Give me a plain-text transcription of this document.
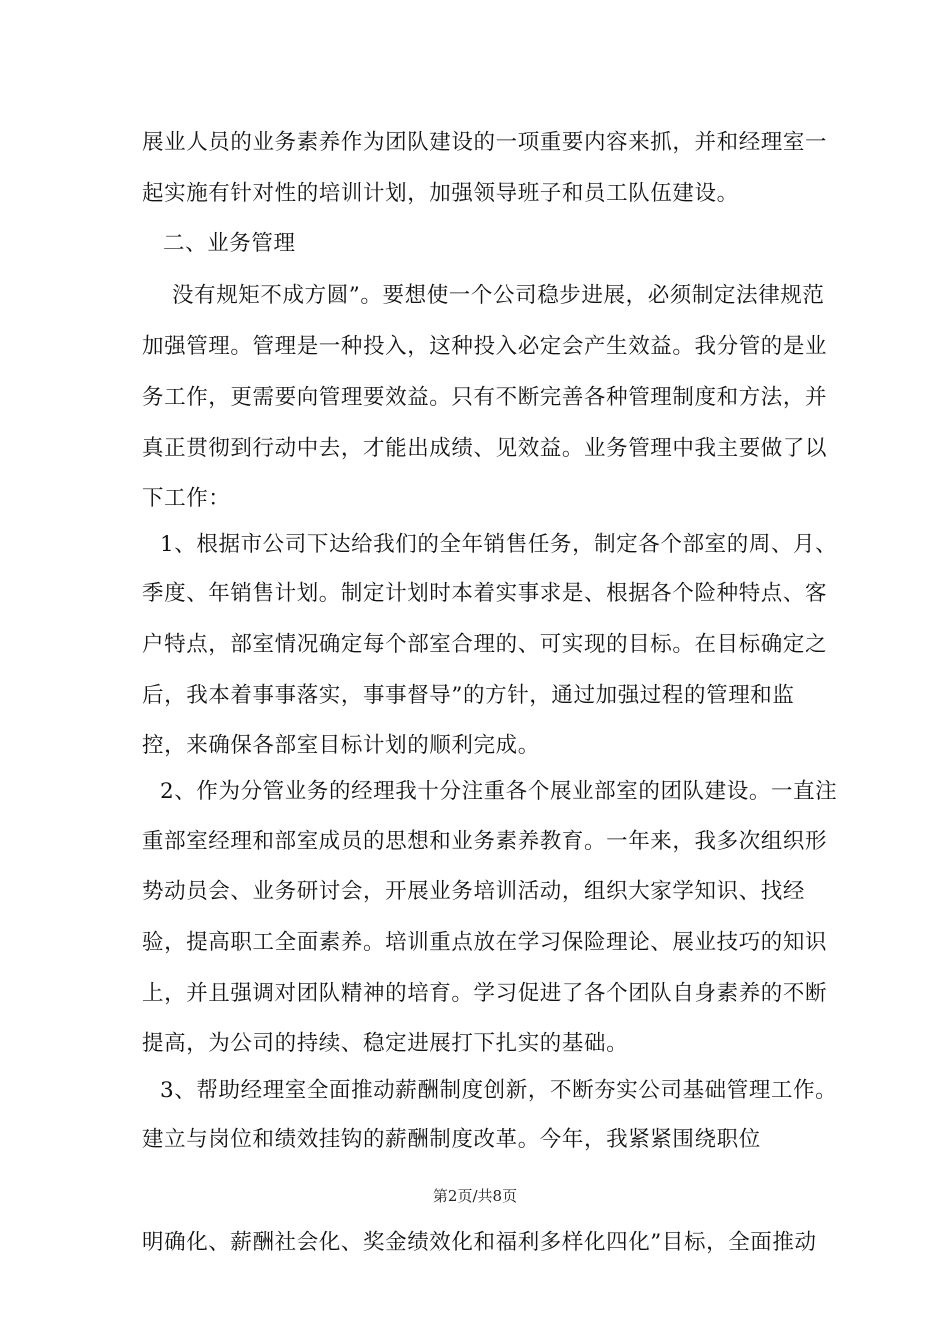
展业人员的业务素养作为团队建设的一项重要内容来抓，并和经理室一

起实施有针对性的培训计划，加强领导班子和员工队伍建设。

二、业务管理

没有规矩不成方圆”。要想使一个公司稳步进展，必须制定法律规范

加强管理。管理是一种投入，这种投入必定会产生效益。我分管的是业

务工作，更需要向管理要效益。只有不断完善各种管理制度和方法，并

真正贯彻到行动中去，才能出成绩、见效益。业务管理中我主要做了以

下工作：

1、根据市公司下达给我们的全年销售任务，制定各个部室的周、月、

季度、年销售计划。制定计划时本着实事求是、根据各个险种特点、客

户特点，部室情况确定每个部室合理的、可实现的目标。在目标确定之

后，我本着事事落实，事事督导”的方针，通过加强过程的管理和监

控，来确保各部室目标计划的顺利完成。

2、作为分管业务的经理我十分注重各个展业部室的团队建设。一直注

重部室经理和部室成员的思想和业务素养教育。一年来，我多次组织形

势动员会、业务研讨会，开展业务培训活动，组织大家学知识、找经

验，提高职工全面素养。培训重点放在学习保险理论、展业技巧的知识

上，并且强调对团队精神的培育。学习促进了各个团队自身素养的不断

提高，为公司的持续、稳定进展打下扎实的基础。

3、帮助经理室全面推动薪酬制度创新，不断夯实公司基础管理工作。

建立与岗位和绩效挂钩的薪酬制度改革。今年，我紧紧围绕职位

第2页/共8页

明确化、薪酬社会化、奖金绩效化和福利多样化四化”目标，全面推动
